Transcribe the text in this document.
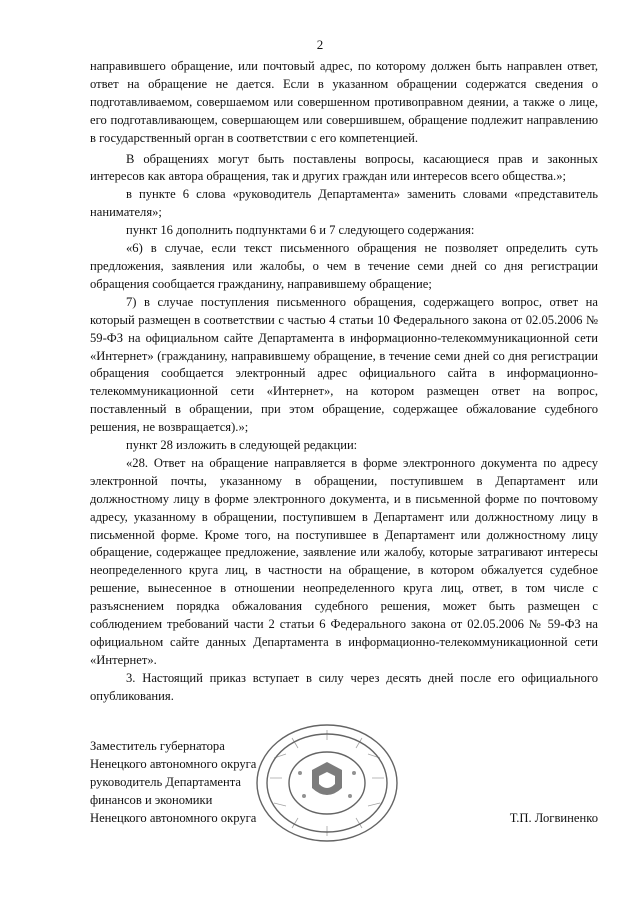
2

направившего обращение, или почтовый адрес, по которому должен быть направлен ответ, ответ на обращение не дается. Если в указанном обращении содержатся сведения о подготавливаемом, совершаемом или совершенном противоправном деянии, а также о лице, его подготавливающем, совершающем или совершившем, обращение подлежит направлению в государственный орган в соответствии с его компетенцией.

В обращениях могут быть поставлены вопросы, касающиеся прав и законных интересов как автора обращения, так и других граждан или интересов всего общества.»;

в пункте 6 слова «руководитель Департамента» заменить словами «представитель нанимателя»;

пункт 16 дополнить подпунктами 6 и 7 следующего содержания:

«6) в случае, если текст письменного обращения не позволяет определить суть предложения, заявления или жалобы, о чем в течение семи дней со дня регистрации обращения сообщается гражданину, направившему обращение;

7) в случае поступления письменного обращения, содержащего вопрос, ответ на который размещен в соответствии с частью 4 статьи 10 Федерального закона от 02.05.2006 № 59-ФЗ на официальном сайте Департамента в информационно-телекоммуникационной сети «Интернет» (гражданину, направившему обращение, в течение семи дней со дня регистрации обращения сообщается электронный адрес официального сайта в информационно-телекоммуникационной сети «Интернет», на котором размещен ответ на вопрос, поставленный в обращении, при этом обращение, содержащее обжалование судебного решения, не возвращается).»;

пункт 28 изложить в следующей редакции:

«28. Ответ на обращение направляется в форме электронного документа по адресу электронной почты, указанному в обращении, поступившем в Департамент или должностному лицу в форме электронного документа, и в письменной форме по почтовому адресу, указанному в обращении, поступившем в Департамент или должностному лицу в письменной форме. Кроме того, на поступившее в Департамент или должностному лицу обращение, содержащее предложение, заявление или жалобу, которые затрагивают интересы неопределенного круга лиц, в частности на обращение, в котором обжалуется судебное решение, вынесенное в отношении неопределенного круга лиц, ответ, в том числе с разъяснением порядка обжалования судебного решения, может быть размещен с соблюдением требований части 2 статьи 6 Федерального закона от 02.05.2006 № 59-ФЗ на официальном сайте данных Департамента в информационно-телекоммуникационной сети «Интернет».

3. Настоящий приказ вступает в силу через десять дней после его официального опубликования.

Заместитель губернатора
Ненецкого автономного округа
руководитель Департамента
финансов и экономики
Ненецкого автономного округа	Т.П. Логвиненко
